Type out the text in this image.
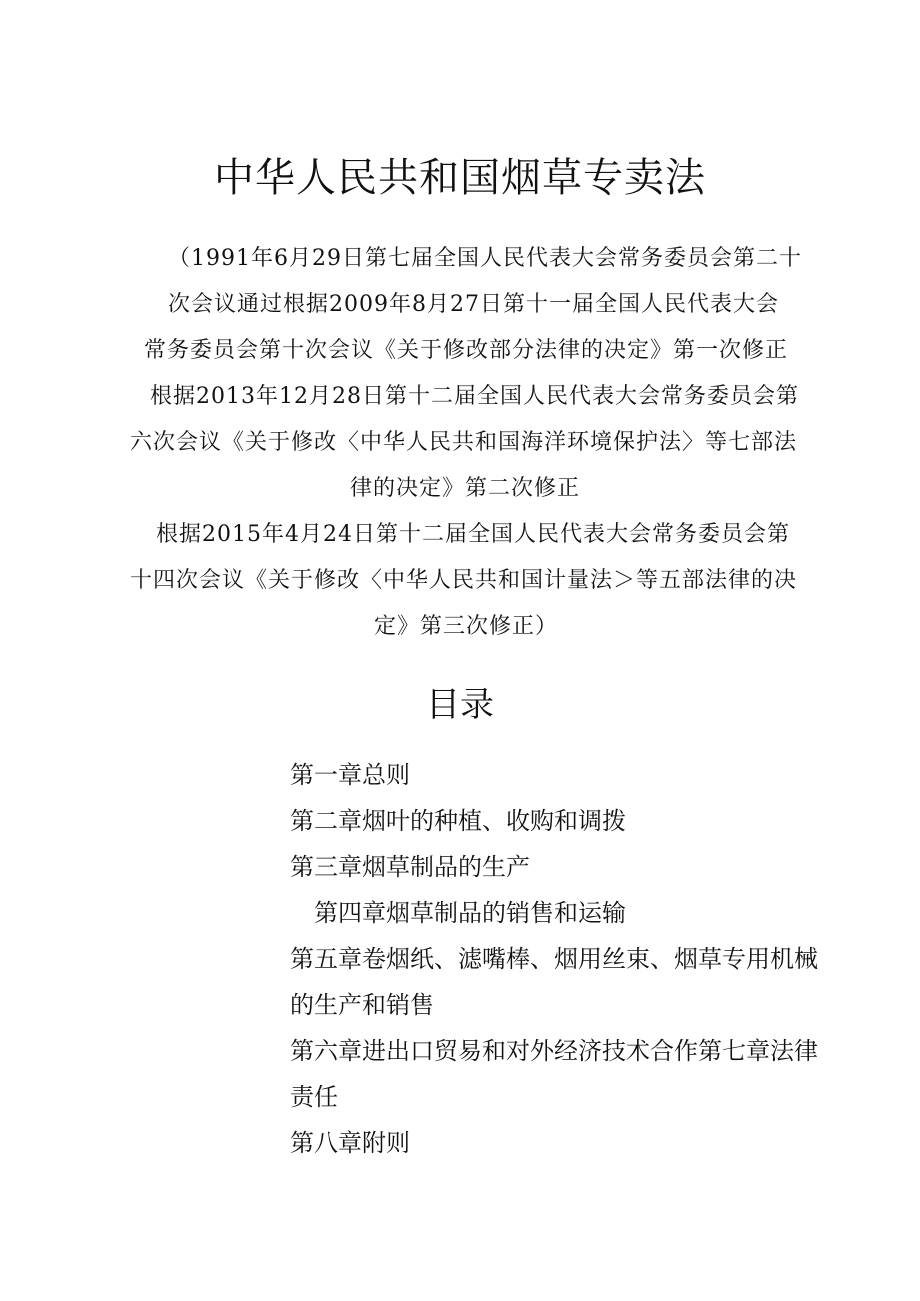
中华人民共和国烟草专卖法
（1991年6月29日第七届全国人民代表大会常务委员会第二十
次会议通过根据2009年8月27日第十一届全国人民代表大会
常务委员会第十次会议《关于修改部分法律的决定》第一次修正
根据2013年12月28日第十二届全国人民代表大会常务委员会第
六次会议《关于修改〈中华人民共和国海洋环境保护法〉等七部法
律的决定》第二次修正
根据2015年4月24日第十二届全国人民代表大会常务委员会第
十四次会议《关于修改〈中华人民共和国计量法＞等五部法律的决
定》第三次修正）
目录
第一章总则
第二章烟叶的种植、收购和调拨
第三章烟草制品的生产
第四章烟草制品的销售和运输
第五章卷烟纸、滤嘴棒、烟用丝束、烟草专用机械
的生产和销售
第六章进出口贸易和对外经济技术合作第七章法律
责任
第八章附则
